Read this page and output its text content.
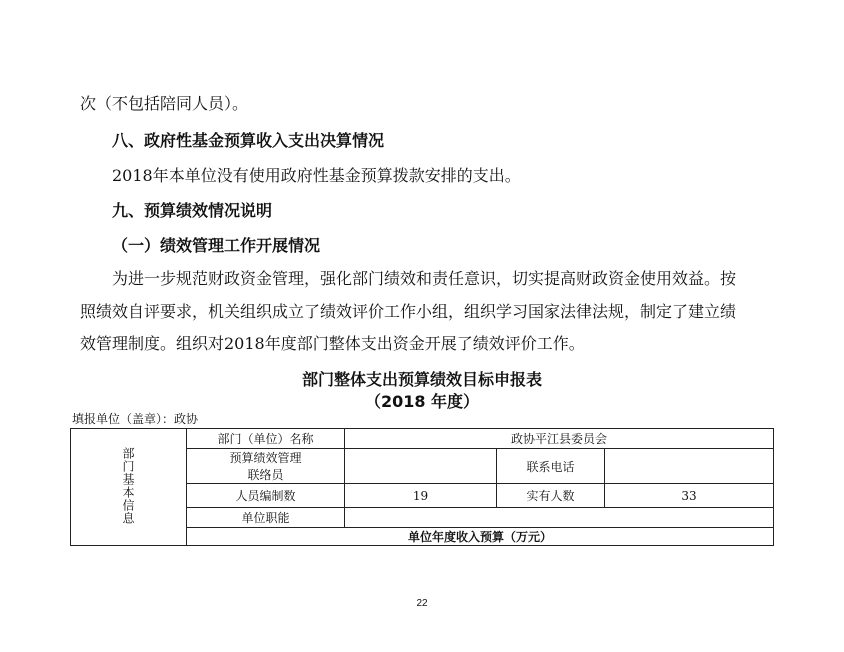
次（不包括陪同人员）。
八、政府性基金预算收入支出决算情况
2018年本单位没有使用政府性基金预算拨款安排的支出。
九、预算绩效情况说明
（一）绩效管理工作开展情况
为进一步规范财政资金管理，强化部门绩效和责任意识，切实提高财政资金使用效益。按
照绩效自评要求，机关组织成立了绩效评价工作小组，组织学习国家法律法规，制定了建立绩
效管理制度。组织对2018年度部门整体支出资金开展了绩效评价工作。
部门整体支出预算绩效目标申报表
（2018 年度）
填报单位（盖章）：政协
部门基本信息	部门（单位）名称	政协平江县委员会		

	预算绩效管理
联络员		联系电话	
	人员编制数	19	实有人数	33
	单位职能			
	单位年度收入预算（万元）			
22
